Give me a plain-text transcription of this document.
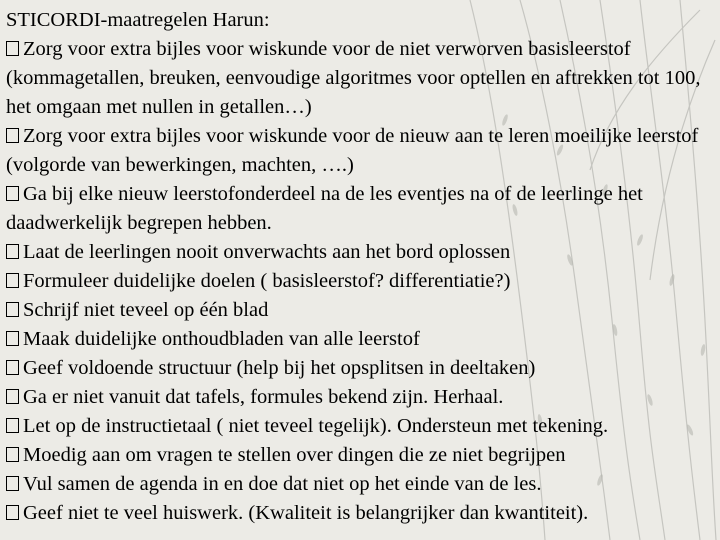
STICORDI-maatregelen Harun:

Zorg voor extra bijles voor wiskunde voor de niet verworven basisleerstof (kommagetallen, breuken, eenvoudige algoritmes voor optellen en aftrekken tot 100, het omgaan met nullen in getallen…)

Zorg voor extra bijles voor wiskunde voor de nieuw aan te leren moeilijke leerstof (volgorde van bewerkingen, machten, ….)

Ga bij elke nieuw leerstofonderdeel na de les eventjes na of de leerlinge het daadwerkelijk begrepen hebben.

Laat de leerlingen nooit onverwachts aan het bord oplossen

Formuleer duidelijke doelen ( basisleerstof? differentiatie?)

Schrijf niet teveel op één blad

Maak duidelijke onthoudbladen van alle leerstof

Geef voldoende structuur (help bij het opsplitsen in deeltaken)

Ga er niet vanuit dat tafels, formules bekend zijn. Herhaal.

Let op de instructietaal ( niet teveel tegelijk). Ondersteun met tekening.

Moedig aan om vragen te stellen over dingen die ze niet begrijpen

Vul samen de agenda in en doe dat niet op het einde van de les.

Geef niet te veel huiswerk. (Kwaliteit is belangrijker dan kwantiteit).
